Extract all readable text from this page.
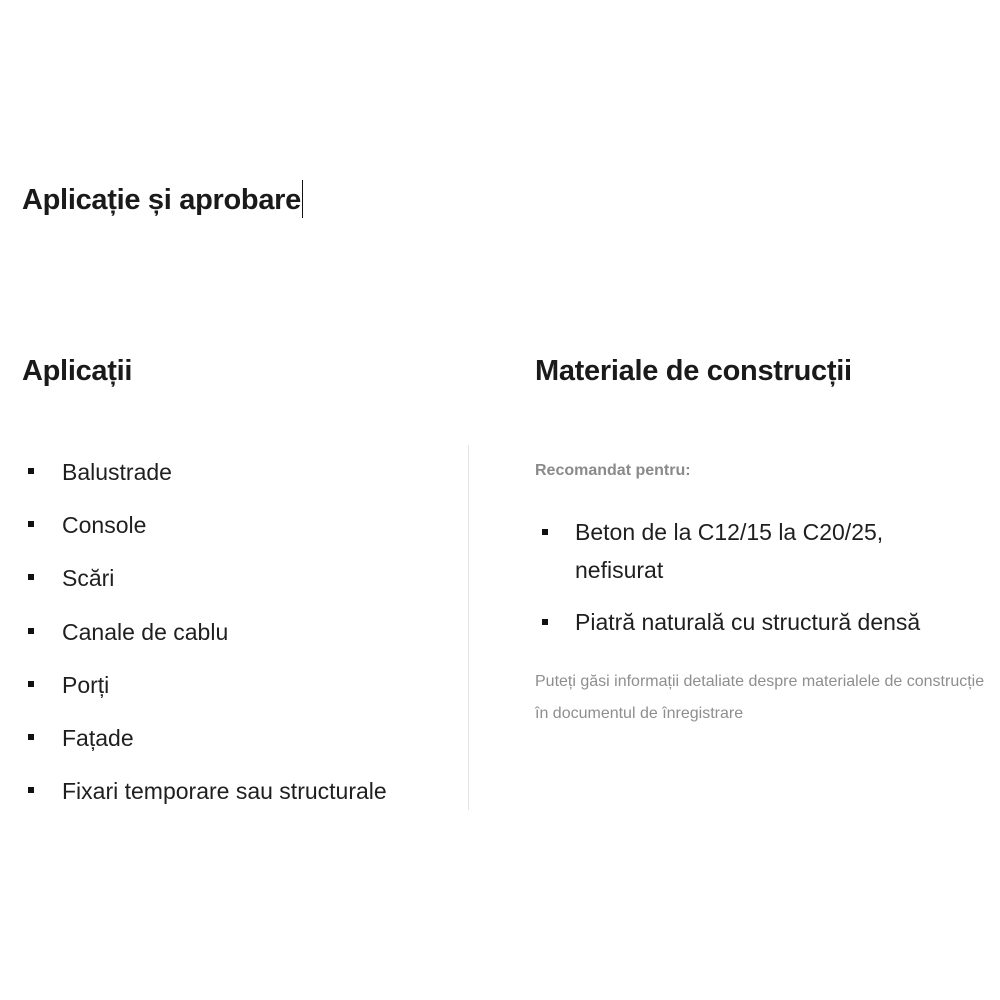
Aplicație și aprobare
Aplicații	Materiale de construcții
Balustrade
Console
Scări
Canale de cablu
Porți
Fațade
Fixari temporare sau structurale
Recomandat pentru:
Beton de la C12/15 la C20/25, nefisurat
Piatră naturală cu structură densă
Puteți găsi informații detaliate despre materialele de construcție în documentul de înregistrare
